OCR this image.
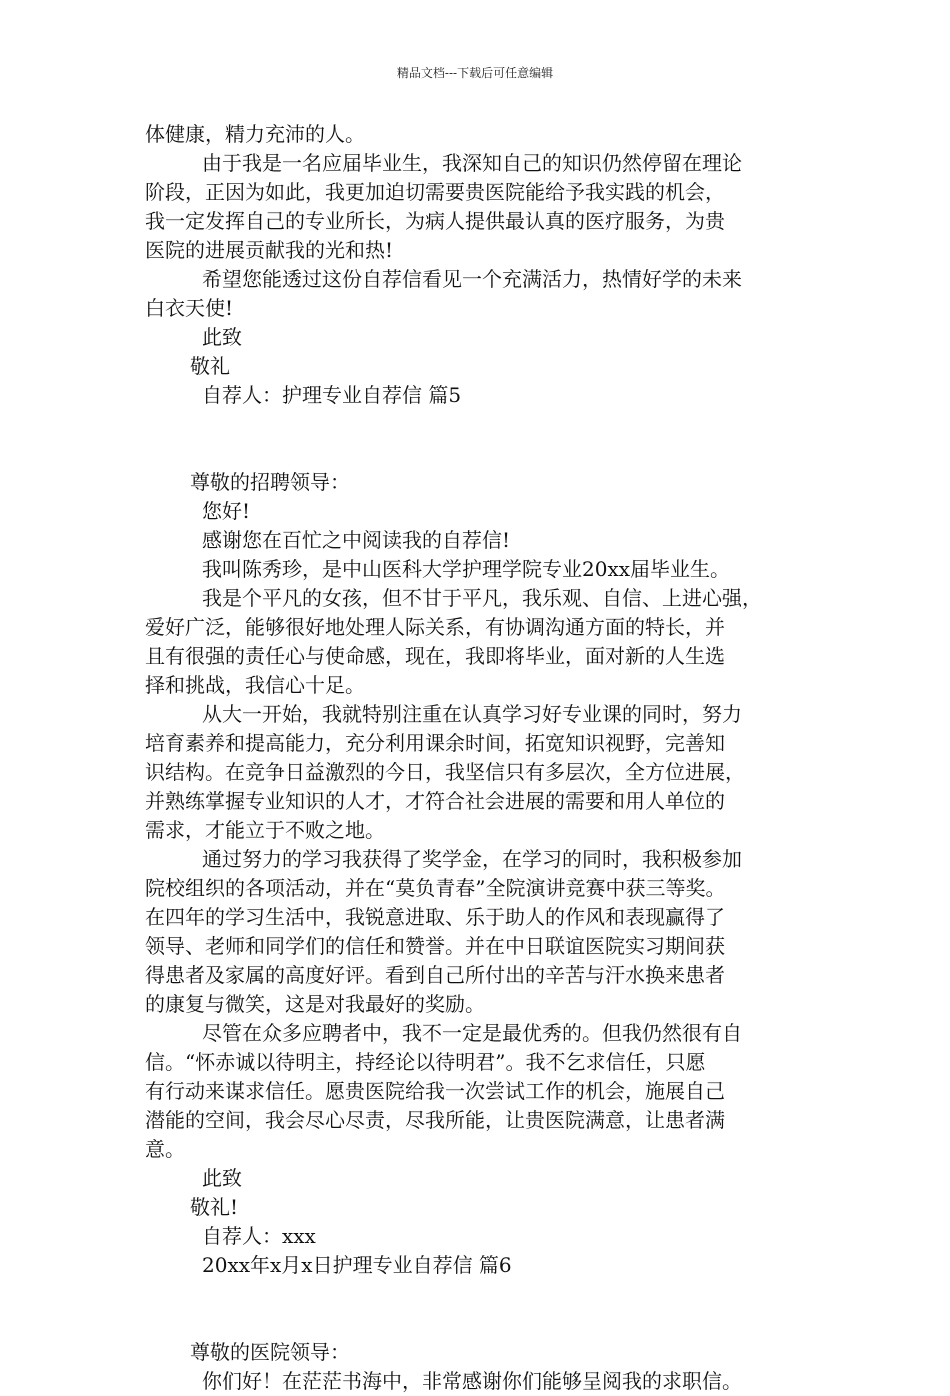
精品文档---下载后可任意编辑
体健康，精力充沛的人。
由于我是一名应届毕业生，我深知自己的知识仍然停留在理论
阶段，正因为如此，我更加迫切需要贵医院能给予我实践的机会，
我一定发挥自己的专业所长，为病人提供最认真的医疗服务，为贵
医院的进展贡献我的光和热!
希望您能透过这份自荐信看见一个充满活力，热情好学的未来
白衣天使!
此致
敬礼
自荐人：护理专业自荐信 篇5
尊敬的招聘领导：
您好!
感谢您在百忙之中阅读我的自荐信!
我叫陈秀珍，是中山医科大学护理学院专业20xx届毕业生。
我是个平凡的女孩，但不甘于平凡，我乐观、自信、上进心强，
爱好广泛，能够很好地处理人际关系，有协调沟通方面的特长，并
且有很强的责任心与使命感，现在，我即将毕业，面对新的人生选
择和挑战，我信心十足。
从大一开始，我就特别注重在认真学习好专业课的同时，努力
培育素养和提高能力，充分利用课余时间，拓宽知识视野，完善知
识结构。在竞争日益激烈的今日，我坚信只有多层次，全方位进展，
并熟练掌握专业知识的人才，才符合社会进展的需要和用人单位的
需求，才能立于不败之地。
通过努力的学习我获得了奖学金，在学习的同时，我积极参加
院校组织的各项活动，并在“莫负青春”全院演讲竞赛中获三等奖。
在四年的学习生活中，我锐意进取、乐于助人的作风和表现赢得了
领导、老师和同学们的信任和赞誉。并在中日联谊医院实习期间获
得患者及家属的高度好评。看到自己所付出的辛苦与汗水换来患者
的康复与微笑，这是对我最好的奖励。
尽管在众多应聘者中，我不一定是最优秀的。但我仍然很有自
信。“怀赤诚以待明主，持经论以待明君”。我不乞求信任，只愿
有行动来谋求信任。愿贵医院给我一次尝试工作的机会，施展自己
潜能的空间，我会尽心尽责，尽我所能，让贵医院满意，让患者满
意。
此致
敬礼!
自荐人：xxx
20xx年x月x日护理专业自荐信 篇6
尊敬的医院领导：
你们好！在茫茫书海中，非常感谢你们能够呈阅我的求职信。
